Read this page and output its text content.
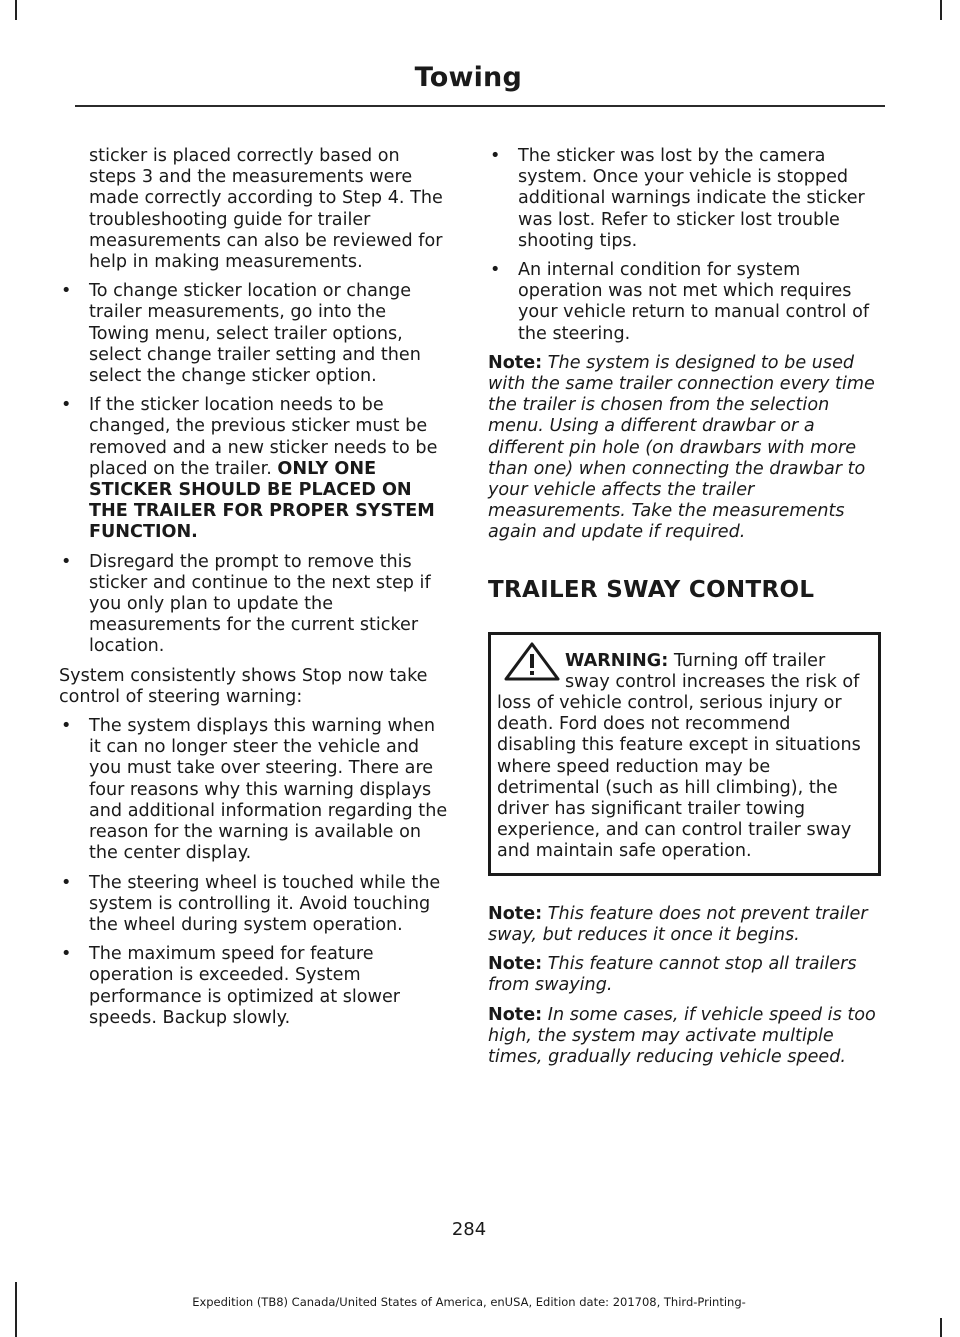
Towing

sticker is placed correctly based on steps 3 and the measurements were made correctly according to Step 4. The troubleshooting guide for trailer measurements can also be reviewed for help in making measurements.

• To change sticker location or change trailer measurements, go into the Towing menu, select trailer options, select change trailer setting and then select the change sticker option.
• If the sticker location needs to be changed, the previous sticker must be removed and a new sticker needs to be placed on the trailer. ONLY ONE STICKER SHOULD BE PLACED ON THE TRAILER FOR PROPER SYSTEM FUNCTION.
• Disregard the prompt to remove this sticker and continue to the next step if you only plan to update the measurements for the current sticker location.

System consistently shows Stop now take control of steering warning:

• The system displays this warning when it can no longer steer the vehicle and you must take over steering. There are four reasons why this warning displays and additional information regarding the reason for the warning is available on the center display.
• The steering wheel is touched while the system is controlling it. Avoid touching the wheel during system operation.
• The maximum speed for feature operation is exceeded. System performance is optimized at slower speeds. Backup slowly.
• The sticker was lost by the camera system. Once your vehicle is stopped additional warnings indicate the sticker was lost. Refer to sticker lost trouble shooting tips.
• An internal condition for system operation was not met which requires your vehicle return to manual control of the steering.

Note: The system is designed to be used with the same trailer connection every time the trailer is chosen from the selection menu. Using a different drawbar or a different pin hole (on drawbars with more than one) when connecting the drawbar to your vehicle affects the trailer measurements. Take the measurements again and update if required.

TRAILER SWAY CONTROL
WARNING: Turning off trailer sway control increases the risk of loss of vehicle control, serious injury or death. Ford does not recommend disabling this feature except in situations where speed reduction may be detrimental (such as hill climbing), the driver has significant trailer towing experience, and can control trailer sway and maintain safe operation.

Note: This feature does not prevent trailer sway, but reduces it once it begins.

Note: This feature cannot stop all trailers from swaying.

Note: In some cases, if vehicle speed is too high, the system may activate multiple times, gradually reducing vehicle speed.

284
Expedition (TB8) Canada/United States of America, enUSA, Edition date: 201708, Third-Printing-
